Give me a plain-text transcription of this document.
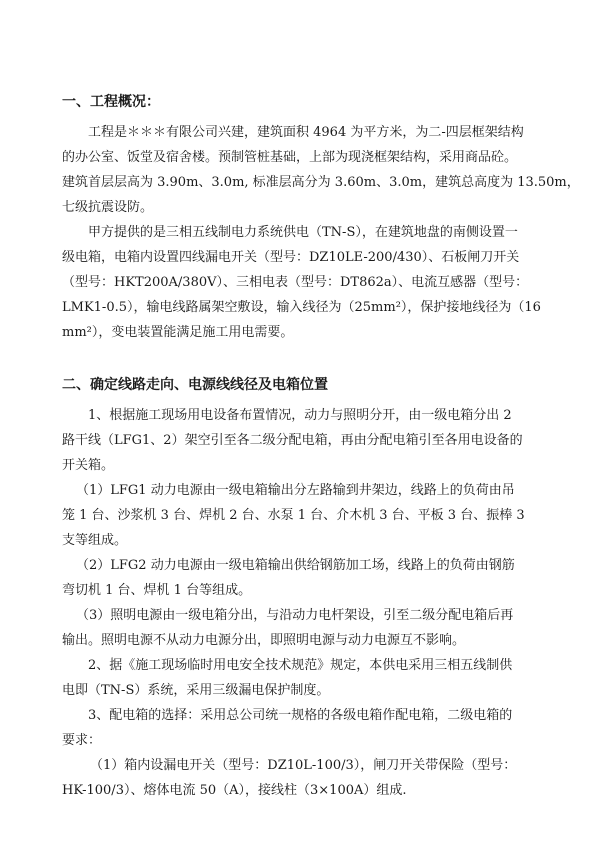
一、工程概况：
工程是＊＊＊有限公司兴建，建筑面积 4964 为平方米，为二-四层框架结构
的办公室、饭堂及宿舍楼。预制管桩基础，上部为现浇框架结构，采用商品砼。
建筑首层层高为 3.90m、3.0m, 标准层高分为 3.60m、3.0m，建筑总高度为 13.50m，
七级抗震设防。
甲方提供的是三相五线制电力系统供电（TN-S），在建筑地盘的南侧设置一
级电箱，电箱内设置四线漏电开关（型号：DZ10LE-200/430）、石板闸刀开关
（型号：HKT200A/380V）、三相电表（型号：DT862a）、电流互感器（型号：
LMK1-0.5），输电线路属架空敷设，输入线径为（25mm²），保护接地线径为（16
mm²），变电装置能满足施工用电需要。
二、确定线路走向、电源线线径及电箱位置
1、根据施工现场用电设备布置情况，动力与照明分开，由一级电箱分出 2
路干线（LFG1、2）架空引至各二级分配电箱，再由分配电箱引至各用电设备的
开关箱。
（1）LFG1 动力电源由一级电箱输出分左路输到井架边，线路上的负荷由吊
笼 1 台、沙浆机 3 台、焊机 2 台、水泵 1 台、介木机 3 台、平板 3 台、振棒 3
支等组成。
（2）LFG2 动力电源由一级电箱输出供给钢筋加工场，线路上的负荷由钢筋
弯切机 1 台、焊机 1 台等组成。
（3）照明电源由一级电箱分出，与沿动力电杆架设，引至二级分配电箱后再
输出。照明电源不从动力电源分出，即照明电源与动力电源互不影响。
2、据《施工现场临时用电安全技术规范》规定，本供电采用三相五线制供
电即（TN-S）系统，采用三级漏电保护制度。
3、配电箱的选择：采用总公司统一规格的各级电箱作配电箱，二级电箱的
要求：
（1）箱内设漏电开关（型号：DZ10L-100/3），闸刀开关带保险（型号：
HK-100/3）、熔体电流 50（A），接线柱（3×100A）组成.
